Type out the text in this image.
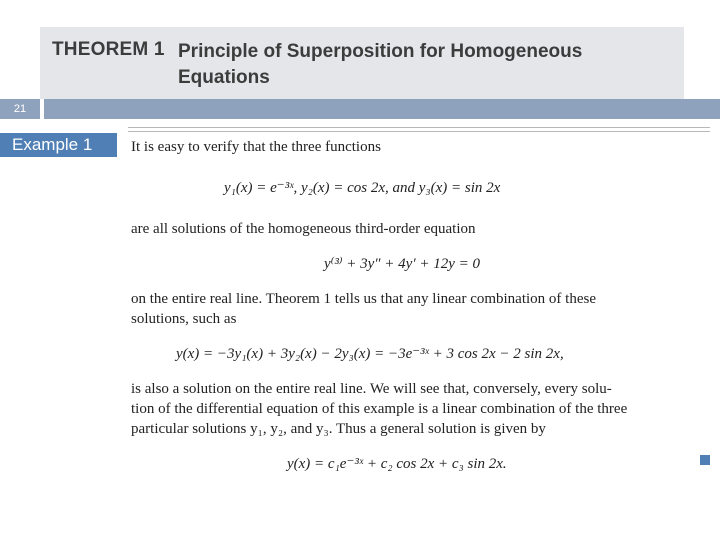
THEOREM 1 Principle of Superposition for Homogeneous
Equations
21
Example 1	It is easy to verify that the three functions
y₁(x) = e⁻³ˣ, y₂(x) = cos 2x, and y₃(x) = sin 2x
are all solutions of the homogeneous third-order equation
y⁽³⁾ + 3y″ + 4y′ + 12y = 0
on the entire real line. Theorem 1 tells us that any linear combination of these
solutions, such as
y(x) = −3y₁(x) + 3y₂(x) − 2y₃(x) = −3e⁻³ˣ + 3 cos 2x − 2 sin 2x,
is also a solution on the entire real line. We will see that, conversely, every solu-
tion of the differential equation of this example is a linear combination of the three
particular solutions y₁, y₂, and y₃. Thus a general solution is given by
y(x) = c₁e⁻³ˣ + c₂ cos 2x + c₃ sin 2x.
